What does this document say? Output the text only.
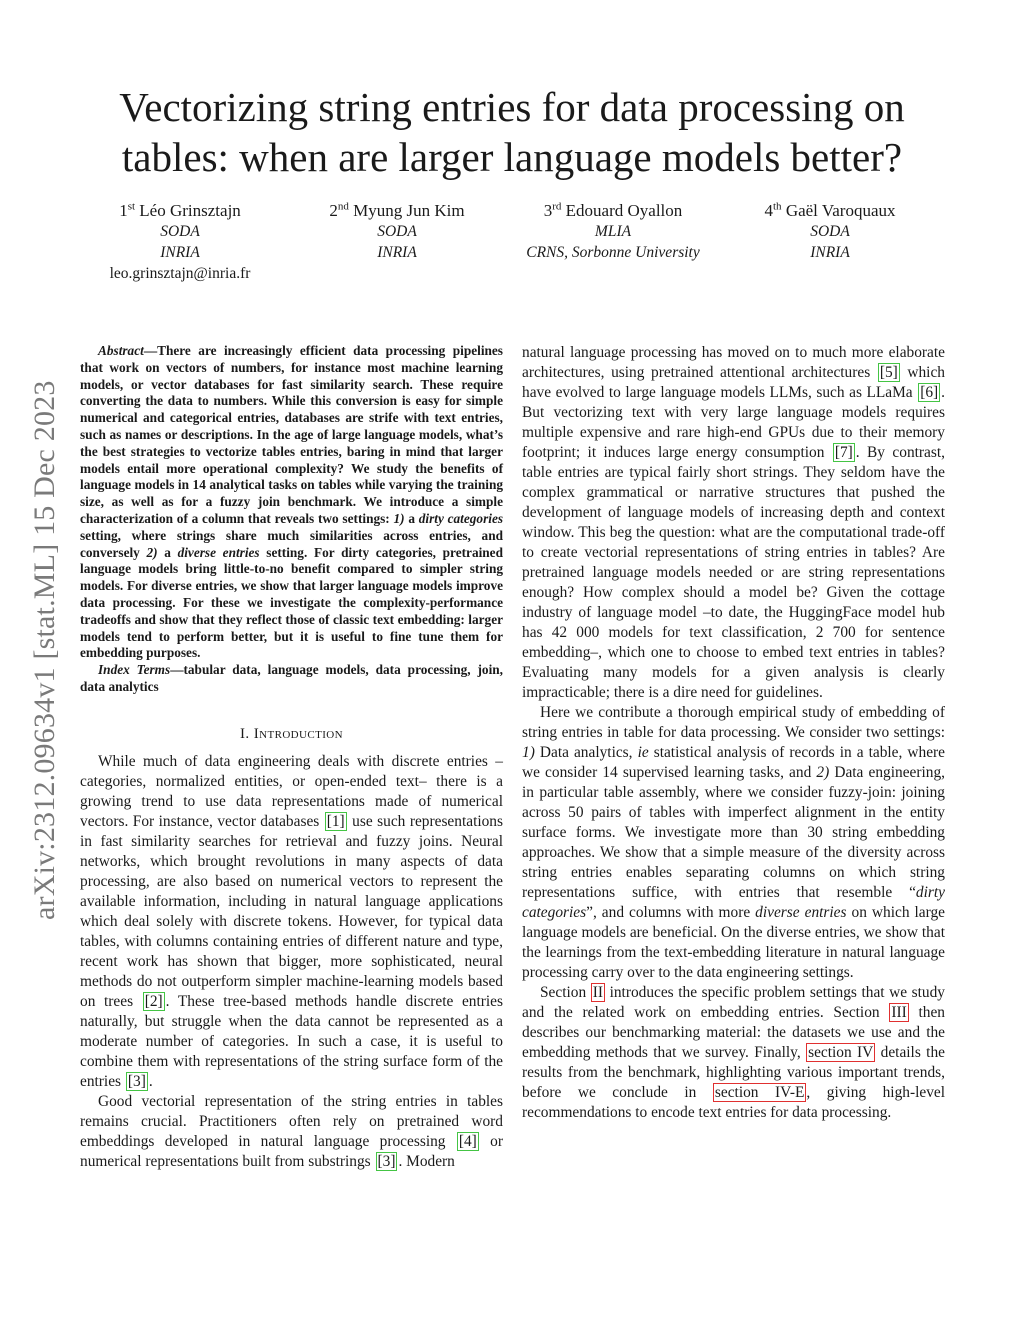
arXiv:2312.09634v1 [stat.ML] 15 Dec 2023
Vectorizing string entries for data processing on
tables: when are larger language models better?
1st Léo Grinsztajn
SODA
INRIA
leo.grinsztajn@inria.fr
2nd Myung Jun Kim
SODA
INRIA
3rd Edouard Oyallon
MLIA
CRNS, Sorbonne University
4th Gaël Varoquaux
SODA
INRIA

Abstract—There are increasingly efficient data processing pipelines that work on vectors of numbers, for instance most machine learning models, or vector databases for fast similarity search. These require converting the data to numbers. While this conversion is easy for simple numerical and categorical entries, databases are strife with text entries, such as names or descriptions. In the age of large language models, what’s the best strategies to vectorize tables entries, baring in mind that larger models entail more operational complexity? We study the benefits of language models in 14 analytical tasks on tables while varying the training size, as well as for a fuzzy join benchmark. We introduce a simple characterization of a column that reveals two settings: 1) a dirty categories setting, where strings share much similarities across entries, and conversely 2) a diverse entries setting. For dirty categories, pretrained language models bring little-to-no benefit compared to simpler string models. For diverse entries, we show that larger language models improve data processing. For these we investigate the complexity-performance tradeoffs and show that they reflect those of classic text embedding: larger models tend to perform better, but it is useful to fine tune them for embedding purposes.

Index Terms—tabular data, language models, data processing, join, data analytics

I. Introduction

While much of data engineering deals with discrete entries –categories, normalized entities, or open-ended text– there is a growing trend to use data representations made of numerical vectors. For instance, vector databases [1] use such representations in fast similarity searches for retrieval and fuzzy joins. Neural networks, which brought revolutions in many aspects of data processing, are also based on numerical vectors to represent the available information, including in natural language applications which deal solely with discrete tokens. However, for typical data tables, with columns containing entries of different nature and type, recent work has shown that bigger, more sophisticated, neural methods do not outperform simpler machine-learning models based on trees [2] . These tree-based methods handle discrete entries naturally, but struggle when the data cannot be represented as a moderate number of categories. In such a case, it is useful to combine them with representations of the string surface form of the entries [3] .

Good vectorial representation of the string entries in tables remains crucial. Practitioners often rely on pretrained word embeddings developed in natural language processing [4] or numerical representations built from substrings [3] . Modern

natural language processing has moved on to much more elaborate architectures, using pretrained attentional architectures [5] which have evolved to large language models LLMs, such as LLaMa [6] . But vectorizing text with very large language models requires multiple expensive and rare high-end GPUs due to their memory footprint; it induces large energy consumption [7] . By contrast, table entries are typical fairly short strings. They seldom have the complex grammatical or narrative structures that pushed the development of language models of increasing depth and context window. This beg the question: what are the computational trade-off to create vectorial representations of string entries in tables? Are pretrained language models needed or are string representations enough? How complex should a model be? Given the cottage industry of language model –to date, the HuggingFace model hub has 42 000 models for text classification, 2 700 for sentence embedding–, which one to choose to embed text entries in tables? Evaluating many models for a given analysis is clearly impracticable; there is a dire need for guidelines.

Here we contribute a thorough empirical study of embedding of string entries in table for data processing. We consider two settings: 1) Data analytics, ie statistical analysis of records in a table, where we consider 14 supervised learning tasks, and 2) Data engineering, in particular table assembly, where we consider fuzzy-join: joining across 50 pairs of tables with imperfect alignment in the entity surface forms. We investigate more than 30 string embedding approaches. We show that a simple measure of the diversity across string entries enables separating columns on which string representations suffice, with entries that resemble “dirty categories”, and columns with more diverse entries on which large language models are beneficial. On the diverse entries, we show that the learnings from the text-embedding literature in natural language processing carry over to the data engineering settings.

Section II introduces the specific problem settings that we study and the related work on embedding entries. Section III then describes our benchmarking material: the datasets we use and the embedding methods that we survey. Finally, section IV details the results from the benchmark, highlighting various important trends, before we conclude in section IV-E , giving high-level recommendations to encode text entries for data processing.
